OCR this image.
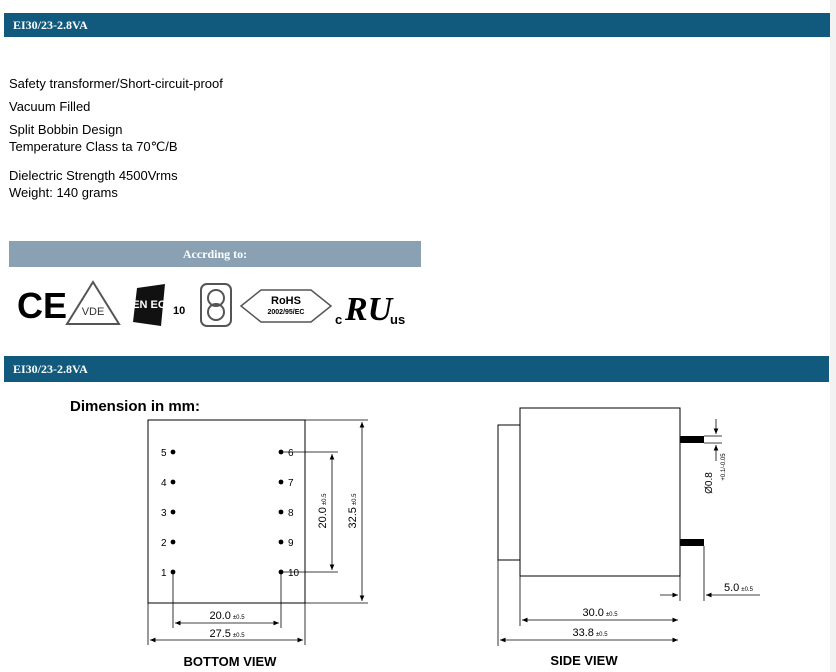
EI30/23-2.8VA
Safety transformer/Short-circuit-proof
Vacuum Filled
Split Bobbin Design
Temperature Class ta 70℃/B
Dielectric Strength 4500Vrms
Weight: 140 grams
Accrding to:
CE VDE
EN EC 10
RoHS
2002/95/EC c RU
us
EI30/23-2.8VA
Dimension in mm:
5
4
3
2
1
6
7
8
9
10
20.0±0.5
32.5±0.5
20.0 ±0.5
27.5 ±0.5
BOTTOM VIEW
Ø0.8
+0.1/-0.05
5.0 ±0.5
30.0 ±0.5
33.8 ±0.5
SIDE VIEW
